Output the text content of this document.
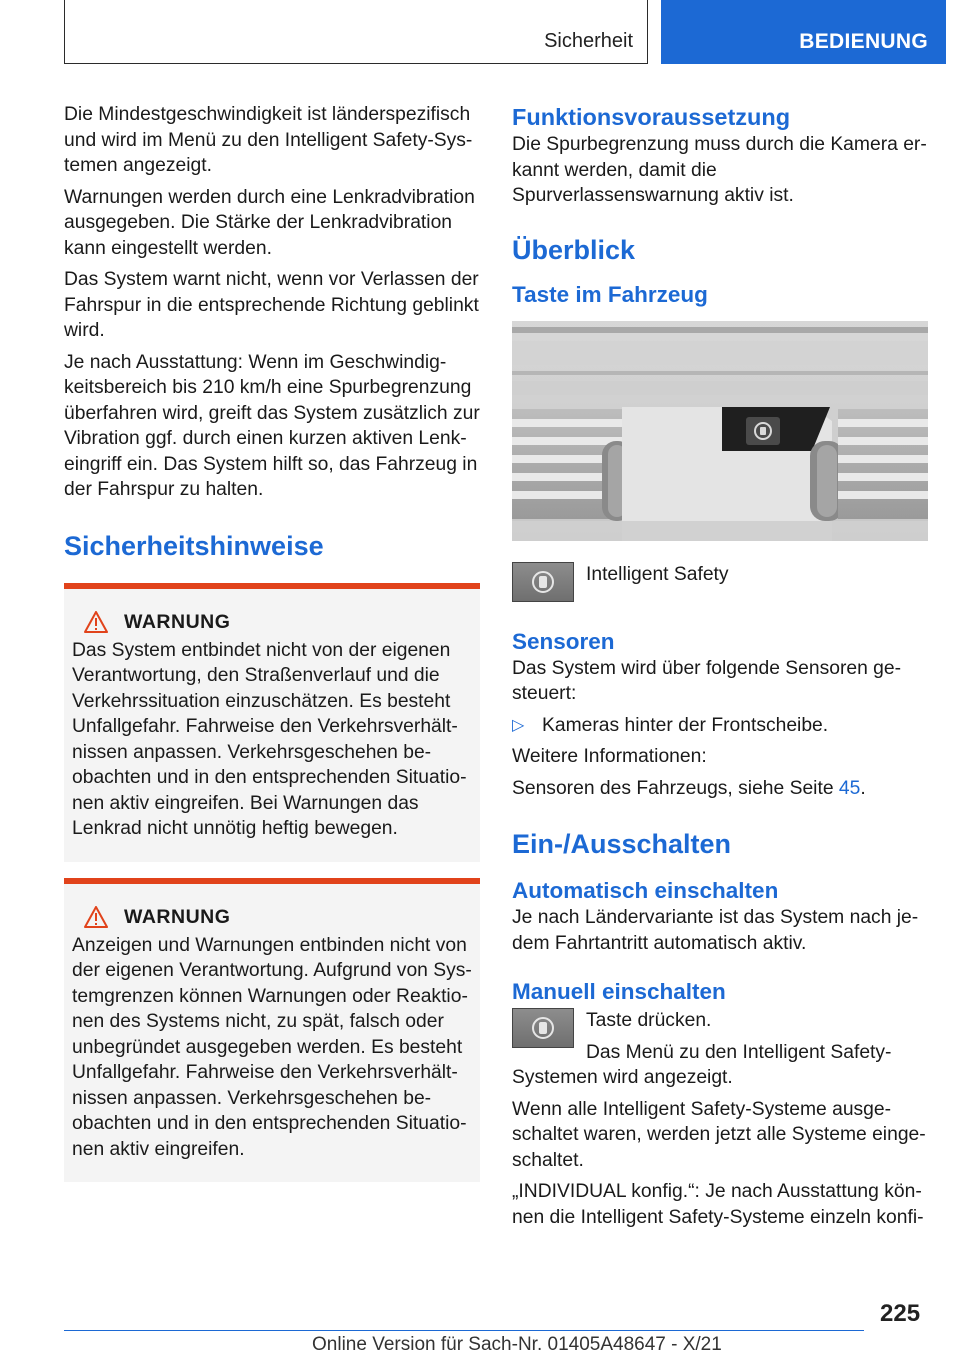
Sicherheit	BEDIENUNG

Die Mindestgeschwindigkeit ist länderspezifisch und wird im Menü zu den Intelligent Safety-Systemen angezeigt.

Warnungen werden durch eine Lenkradvibration ausgegeben. Die Stärke der Lenkradvibration kann eingestellt werden.

Das System warnt nicht, wenn vor Verlassen der Fahrspur in die entsprechende Richtung geblinkt wird.

Je nach Ausstattung: Wenn im Geschwindigkeitsbereich bis 210 km/h eine Spurbegrenzung überfahren wird, greift das System zusätzlich zur Vibration ggf. durch einen kurzen aktiven Lenkeingriff ein. Das System hilft so, das Fahrzeug in der Fahrspur zu halten.

Sicherheitshinweise
WARNUNG

Das System entbindet nicht von der eigenen Verantwortung, den Straßenverlauf und die Verkehrssituation einzuschätzen. Es besteht Unfallgefahr. Fahrweise den Verkehrsverhältnissen anpassen. Verkehrsgeschehen beobachten und in den entsprechenden Situationen aktiv eingreifen. Bei Warnungen das Lenkrad nicht unnötig heftig bewegen.

WARNUNG

Anzeigen und Warnungen entbinden nicht von der eigenen Verantwortung. Aufgrund von Systemgrenzen können Warnungen oder Reaktionen des Systems nicht, zu spät, falsch oder unbegründet ausgegeben werden. Es besteht Unfallgefahr. Fahrweise den Verkehrsverhältnissen anpassen. Verkehrsgeschehen beobachten und in den entsprechenden Situationen aktiv eingreifen.

Funktionsvoraussetzung

Die Spurbegrenzung muss durch die Kamera erkannt werden, damit die Spurverlassenswarnung aktiv ist.

Überblick
Taste im Fahrzeug

Intelligent Safety

Sensoren

Das System wird über folgende Sensoren gesteuert:

▷ Kameras hinter der Frontscheibe.

Weitere Informationen:

Sensoren des Fahrzeugs, siehe Seite 45.

Ein-/Ausschalten
Automatisch einschalten

Je nach Ländervariante ist das System nach jedem Fahrtantritt automatisch aktiv.

Manuell einschalten

Taste drücken.

Das Menü zu den Intelligent Safety-

Systemen wird angezeigt.

Wenn alle Intelligent Safety-Systeme ausgeschaltet waren, werden jetzt alle Systeme eingeschaltet.

„INDIVIDUAL konfig.“: Je nach Ausstattung können die Intelligent Safety-Systeme einzeln konfi-

225
Online Version für Sach-Nr. 01405A48647 - X/21
